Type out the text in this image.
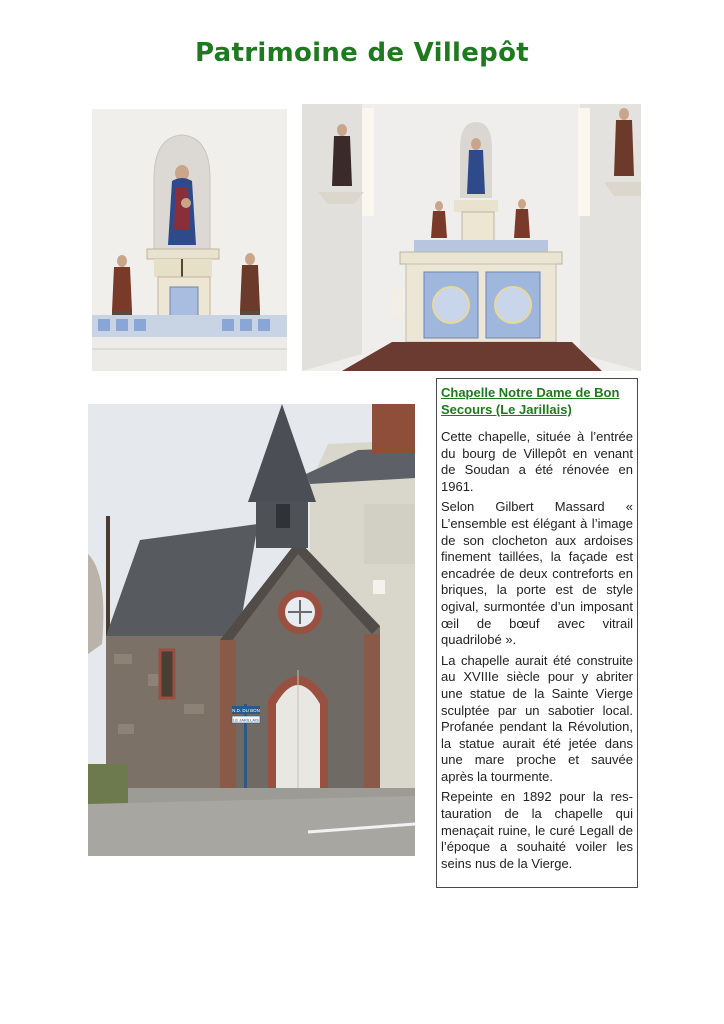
Patrimoine de Villepôt
N.D. DU BON
LE JARILLAIS
Chapelle Notre Dame de Bon Secours (Le Jarillais)

Cette chapelle, située à l’entrée du bourg de Villepôt en venant de Soudan a été rénovée en 1961.

Selon Gilbert Massard « L’ensemble est élégant à l’image de son clocheton aux ardoises finement taillées, la façade est encadrée de deux contreforts en briques, la porte est de style ogival, surmontée d’un imposant œil de bœuf avec vitrail quadrilobé ».

La chapelle aurait été construite au XVIIIe siècle pour y abriter une statue de la Sainte Vierge sculptée par un sabotier local. Profanée pendant la Révolution, la statue aurait été jetée dans une mare proche et sauvée après la tourmente.

Repeinte en 1892 pour la restauration de la chapelle qui menaçait ruine, le curé Legall de l’époque a souhaité voiler les seins nus de la Vierge.
